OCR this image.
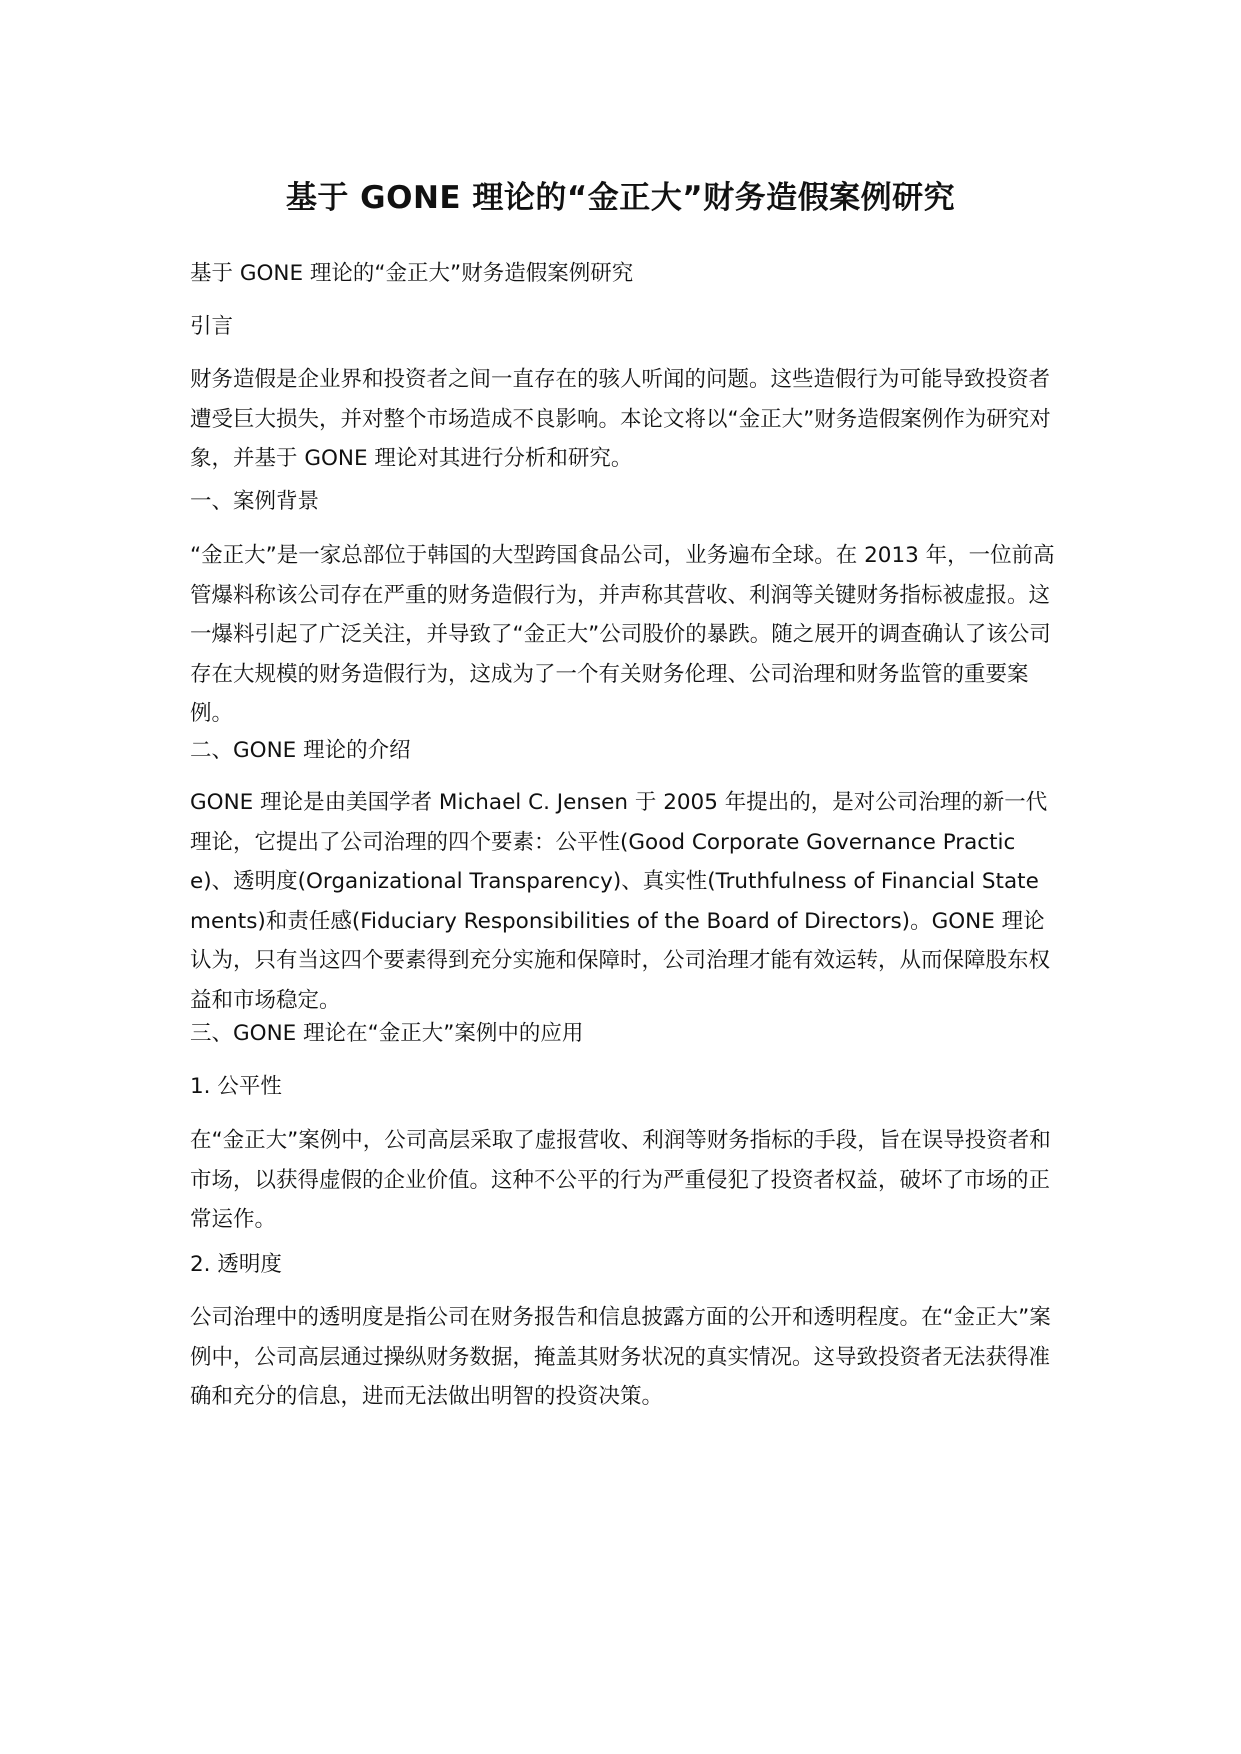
基于 GONE 理论的“金正大”财务造假案例研究

基于 GONE 理论的“金正大”财务造假案例研究

引言

财务造假是企业界和投资者之间一直存在的骇人听闻的问题。这些造假行为可能导致投资者遭受巨大损失，并对整个市场造成不良影响。本论文将以“金正大”财务造假案例作为研究对象，并基于 GONE 理论对其进行分析和研究。

一、案例背景

“金正大”是一家总部位于韩国的大型跨国食品公司，业务遍布全球。在 2013 年，一位前高管爆料称该公司存在严重的财务造假行为，并声称其营收、利润等关键财务指标被虚报。这一爆料引起了广泛关注，并导致了“金正大”公司股价的暴跌。随之展开的调查确认了该公司存在大规模的财务造假行为，这成为了一个有关财务伦理、公司治理和财务监管的重要案例。

二、GONE 理论的介绍

GONE 理论是由美国学者 Michael C. Jensen 于 2005 年提出的，是对公司治理的新一代理论，它提出了公司治理的四个要素：公平性(Good Corporate Governance Practice)、透明度(Organizational Transparency)、真实性(Truthfulness of Financial Statements)和责任感(Fiduciary Responsibilities of the Board of Directors)。GONE 理论认为，只有当这四个要素得到充分实施和保障时，公司治理才能有效运转，从而保障股东权益和市场稳定。

三、GONE 理论在“金正大”案例中的应用

1. 公平性

在“金正大”案例中，公司高层采取了虚报营收、利润等财务指标的手段，旨在误导投资者和市场，以获得虚假的企业价值。这种不公平的行为严重侵犯了投资者权益，破坏了市场的正常运作。

2. 透明度

公司治理中的透明度是指公司在财务报告和信息披露方面的公开和透明程度。在“金正大”案例中，公司高层通过操纵财务数据，掩盖其财务状况的真实情况。这导致投资者无法获得准确和充分的信息，进而无法做出明智的投资决策。
